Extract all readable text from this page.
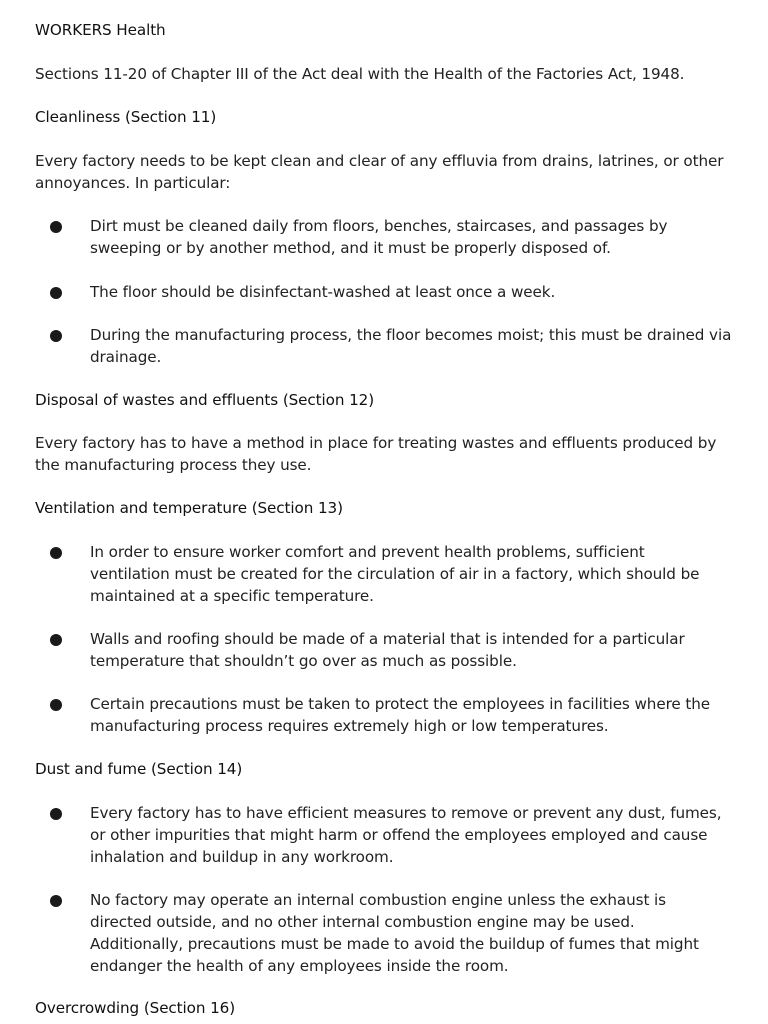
WORKERS Health

Sections 11-20 of Chapter III of the Act deal with the Health of the Factories Act, 1948.

Cleanliness (Section 11)

Every factory needs to be kept clean and clear of any effluvia from drains, latrines, or other annoyances. In particular:

Dirt must be cleaned daily from floors, benches, staircases, and passages by sweeping or by another method, and it must be properly disposed of.

The floor should be disinfectant-washed at least once a week.

During the manufacturing process, the floor becomes moist; this must be drained via drainage.

Disposal of wastes and effluents (Section 12)

Every factory has to have a method in place for treating wastes and effluents produced by the manufacturing process they use.

Ventilation and temperature (Section 13)

In order to ensure worker comfort and prevent health problems, sufficient ventilation must be created for the circulation of air in a factory, which should be maintained at a specific temperature.

Walls and roofing should be made of a material that is intended for a particular temperature that shouldn’t go over as much as possible.

Certain precautions must be taken to protect the employees in facilities where the manufacturing process requires extremely high or low temperatures.

Dust and fume (Section 14)

Every factory has to have efficient measures to remove or prevent any dust, fumes, or other impurities that might harm or offend the employees employed and cause inhalation and buildup in any workroom.

No factory may operate an internal combustion engine unless the exhaust is directed outside, and no other internal combustion engine may be used. Additionally, precautions must be made to avoid the buildup of fumes that might endanger the health of any employees inside the room.

Overcrowding (Section 16)
